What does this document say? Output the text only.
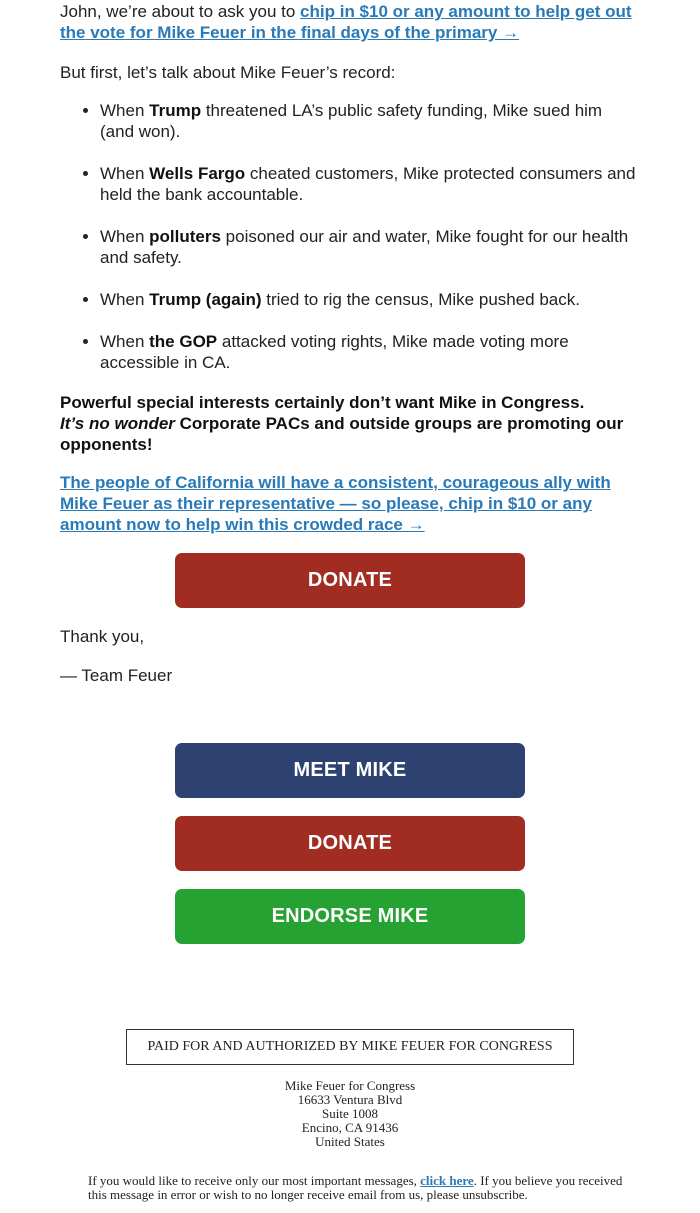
John, we’re about to ask you to chip in $10 or any amount to help get out the vote for Mike Feuer in the final days of the primary →

But first, let’s talk about Mike Feuer’s record:

• When Trump threatened LA’s public safety funding, Mike sued him (and won).
• When Wells Fargo cheated customers, Mike protected consumers and held the bank accountable.
• When polluters poisoned our air and water, Mike fought for our health and safety.
• When Trump (again) tried to rig the census, Mike pushed back.
• When the GOP attacked voting rights, Mike made voting more accessible in CA.

Powerful special interests certainly don’t want Mike in Congress.
It’s no wonder Corporate PACs and outside groups are promoting our opponents!

The people of California will have a consistent, courageous ally with Mike Feuer as their representative — so please, chip in $10 or any amount now to help win this crowded race →

DONATE

Thank you,

— Team Feuer

MEET MIKE
DONATE
ENDORSE MIKE
PAID FOR AND AUTHORIZED BY MIKE FEUER FOR CONGRESS
Mike Feuer for Congress
16633 Ventura Blvd
Suite 1008
Encino, CA 91436
United States

If you would like to receive only our most important messages, click here. If you believe you received this message in error or wish to no longer receive email from us, please unsubscribe.
